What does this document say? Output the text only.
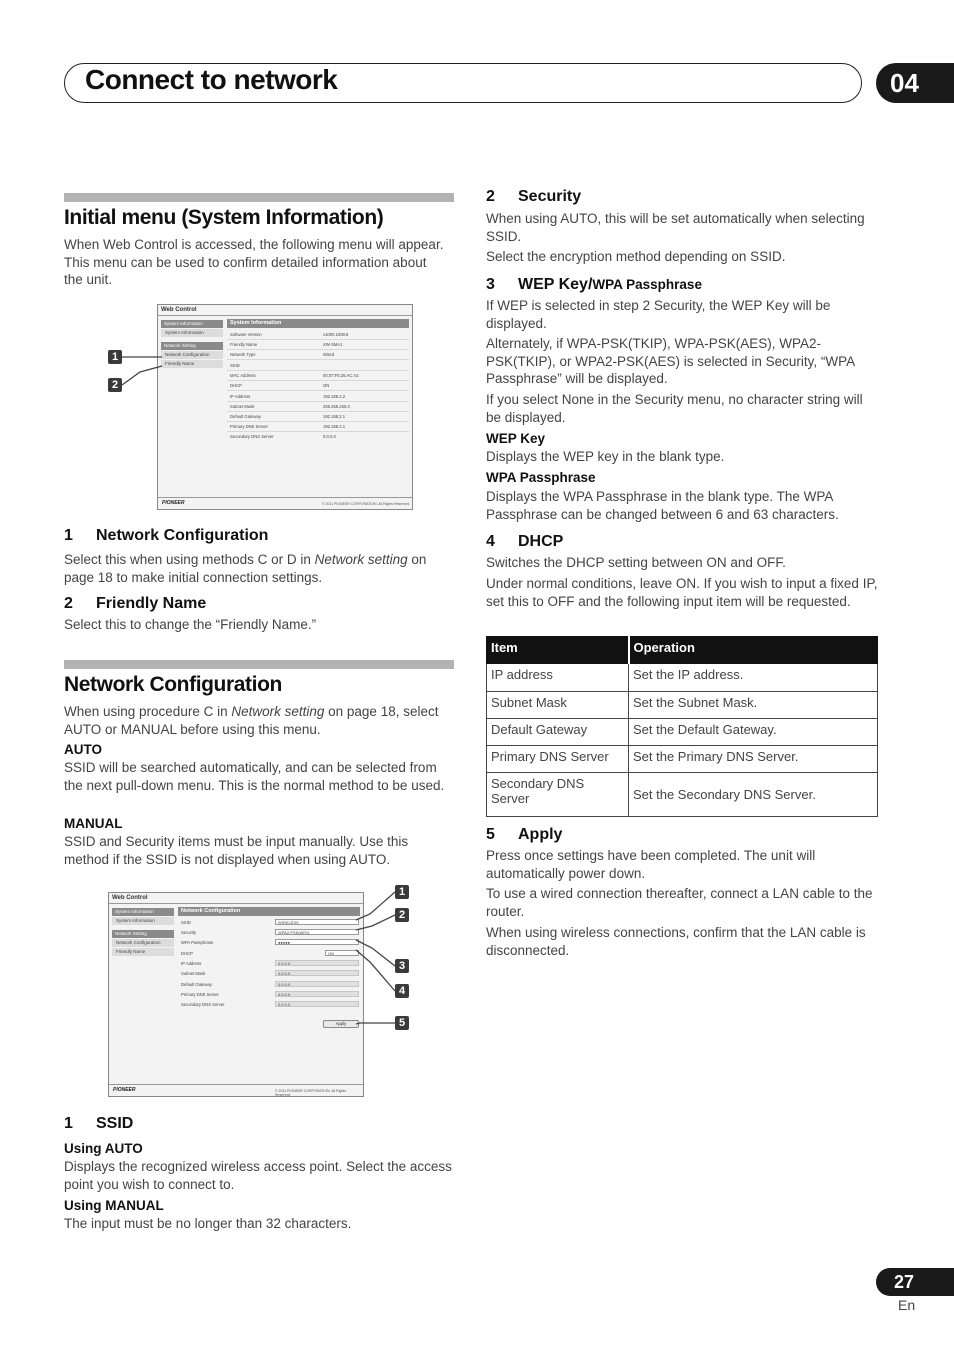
Connect to network	04
Initial menu (System Information)
When Web Control is accessed, the following menu will appear. This menu can be used to confirm detailed information about the unit.
Web Control
System Information
System Information
Network Setting
Network Configuration
Friendly Name
System Information
Software Version	v1000.1008.8
Friendly Name	XW-SMA1
Network Type	Wired
SSID
MAC Address	00:07:F5:25:AC:A2
DHCP	ON
IP Address	192.168.2.2
Subnet Mask	255.255.255.0
Default Gateway	192.168.2.1
Primary DNS Server	192.168.2.1
Secondary DNS Server	0.0.0.0
PIONEER	© 2011 PIONEER CORPORATION. All Rights Reserved.
1
2
1 Network Configuration
Select this when using methods C or D in Network setting on page 18 to make initial connection settings.
2 Friendly Name
Select this to change the “Friendly Name.”
Network Configuration
When using procedure C in Network setting on page 18, select AUTO or MANUAL before using this menu.
AUTO
SSID will be searched automatically, and can be selected from the next pull-down menu. This is the normal method to be used.
MANUAL
SSID and Security items must be input manually. Use this method if the SSID is not displayed when using AUTO.
Web Control
System Information
System Information
Network Setting
Network Configuration
Friendly Name
Network Configuration
SSID	WIRELESS
Security	WPA2-PSK(AES)
WPA Passphrase	●●●●●
DHCP	ON
IP Address	0.0.0.0
Subnet Mask	0.0.0.0
Default Gateway	0.0.0.0
Primary DNS Server	0.0.0.0
Secondary DNS Server	0.0.0.0
Apply
PIONEER	© 2011 PIONEER CORPORATION. All Rights Reserved.
1
2
3
4
5
1 SSID
Using AUTO
Displays the recognized wireless access point. Select the access point you wish to connect to.
Using MANUAL
The input must be no longer than 32 characters.
2 Security
When using AUTO, this will be set automatically when selecting SSID.
Select the encryption method depending on SSID.
3 WEP Key/WPA Passphrase
If WEP is selected in step 2 Security, the WEP Key will be displayed.
Alternately, if WPA-PSK(TKIP), WPA-PSK(AES), WPA2-PSK(TKIP), or WPA2-PSK(AES) is selected in Security, “WPA Passphrase” will be displayed.
If you select None in the Security menu, no character string will be displayed.
WEP Key
Displays the WEP key in the blank type.
WPA Passphrase
Displays the WPA Passphrase in the blank type. The WPA Passphrase can be changed between 6 and 63 characters.
4 DHCP
Switches the DHCP setting between ON and OFF.
Under normal conditions, leave ON. If you wish to input a fixed IP, set this to OFF and the following input item will be requested.
Item	Operation
IP address	Set the IP address.
Subnet Mask	Set the Subnet Mask.
Default Gateway	Set the Default Gateway.
Primary DNS Server	Set the Primary DNS Server.
Secondary DNS Server	Set the Secondary DNS Server.
5 Apply
Press once settings have been completed. The unit will automatically power down.
To use a wired connection thereafter, connect a LAN cable to the router.
When using wireless connections, confirm that the LAN cable is disconnected.
27
En
